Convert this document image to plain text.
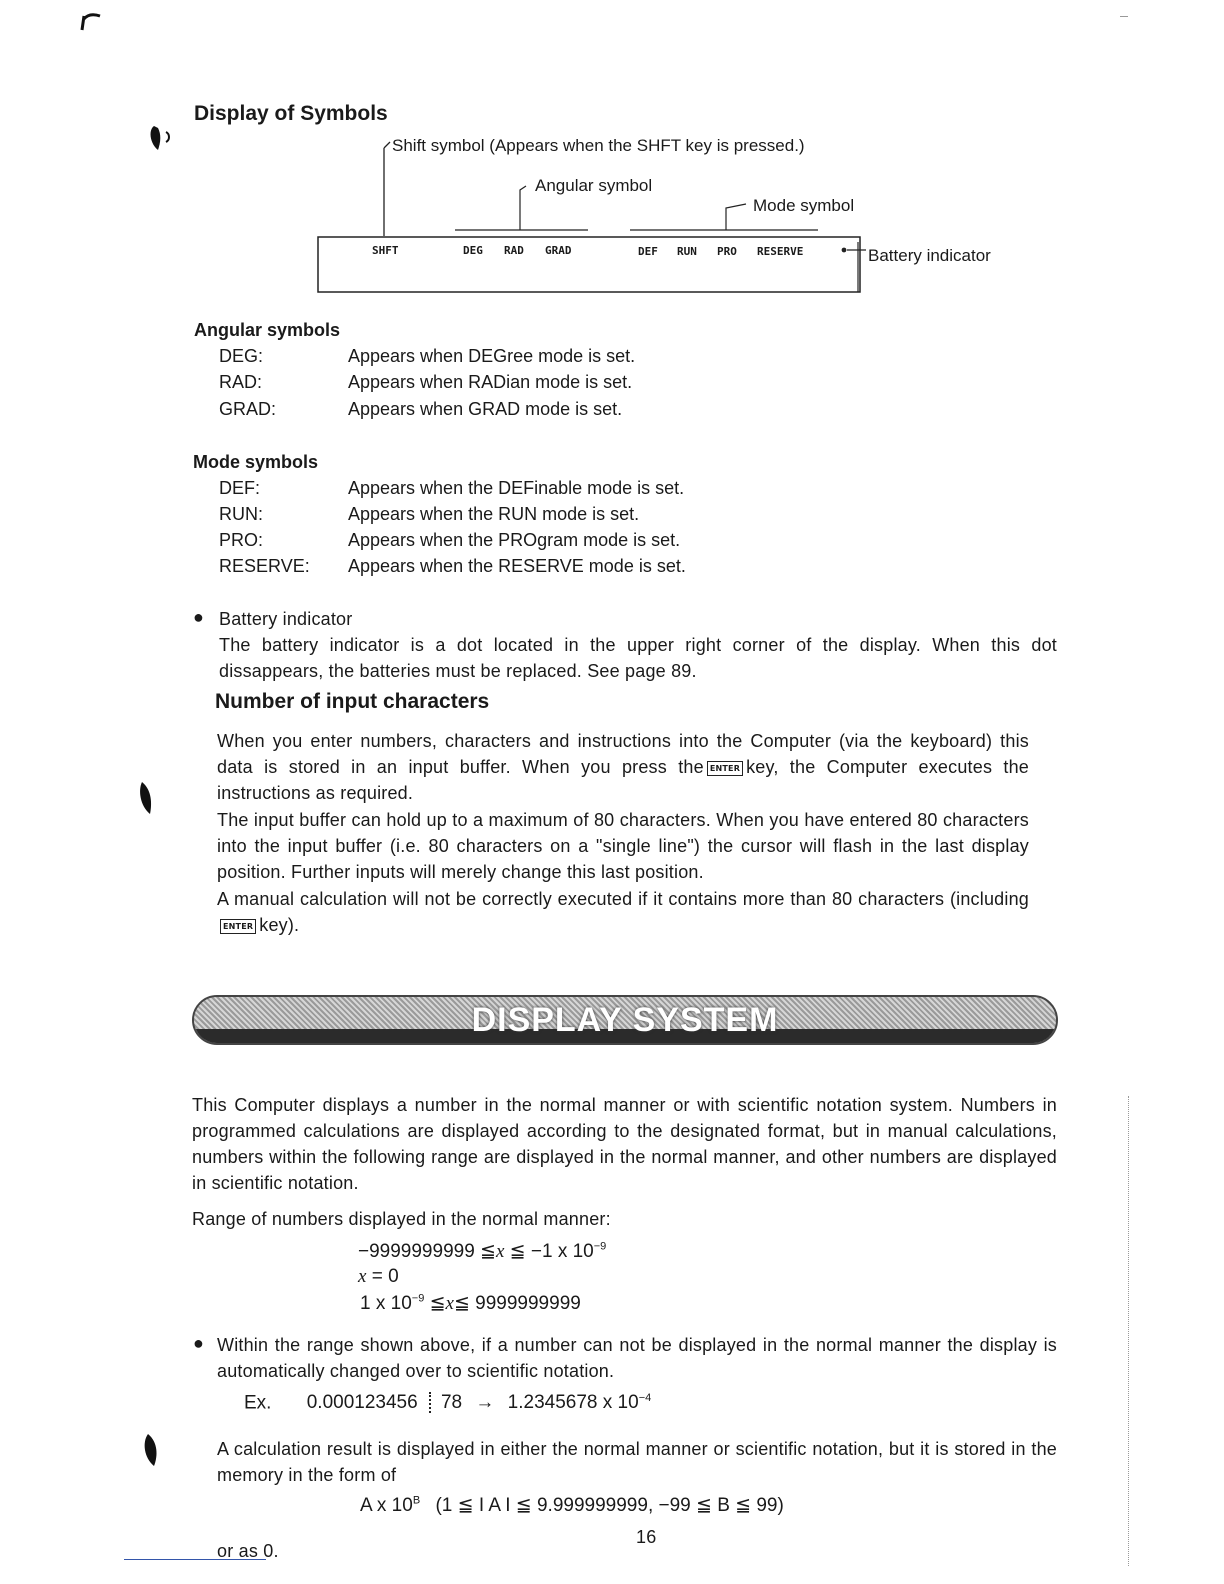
Display of Symbols
Shift symbol (Appears when the SHFT key is pressed.)
Angular symbol
Mode symbol
Battery indicator
SHFT	DEG RAD GRAD	DEF RUN PRO RESERVE
Angular symbols
DEG:	Appears when DEGree mode is set.
RAD:	Appears when RADian mode is set.
GRAD:	Appears when GRAD mode is set.
Mode symbols
DEF:	Appears when the DEFinable mode is set.
RUN:	Appears when the RUN mode is set.
PRO:	Appears when the PROgram mode is set.
RESERVE: Appears when the RESERVE mode is set.
● Battery indicator
The battery indicator is a dot located in the upper right corner of the display. When this dot dissappears, the batteries must be replaced. See page 89.
Number of input characters
When you enter numbers, characters and instructions into the Computer (via the keyboard) this data is stored in an input buffer. When you press the ENTER key, the Computer executes the instructions as required.
The input buffer can hold up to a maximum of 80 characters. When you have entered 80 characters into the input buffer (i.e. 80 characters on a "single line") the cursor will flash in the last display position. Further inputs will merely change this last position.
A manual calculation will not be correctly executed if it contains more than 80 characters (includingENTER key).
DISPLAY SYSTEM
This Computer displays a number in the normal manner or with scientific notation system. Numbers in programmed calculations are displayed according to the designated format, but in manual calculations, numbers within the following range are displayed in the normal manner, and other numbers are displayed in scientific notation.
Range of numbers displayed in the normal manner:
−9999999999 ≦x ≦ −1 x $10^{-9}$
x = 0
1 x $10^{-9}$ ≦x≦ 9999999999
● Within the range shown above, if a number can not be displayed in the normal manner the display is automatically changed over to scientific notation.
Ex. 0.000123456 78 → 1.2345678 x $10^{-4}$
A calculation result is displayed in either the normal manner or scientific notation, but it is stored in the memory in the form of
A x $10^B$ (1 ≦ I A I ≦ 9.999999999, −99 ≦ B ≦ 99)
16
or as 0.
